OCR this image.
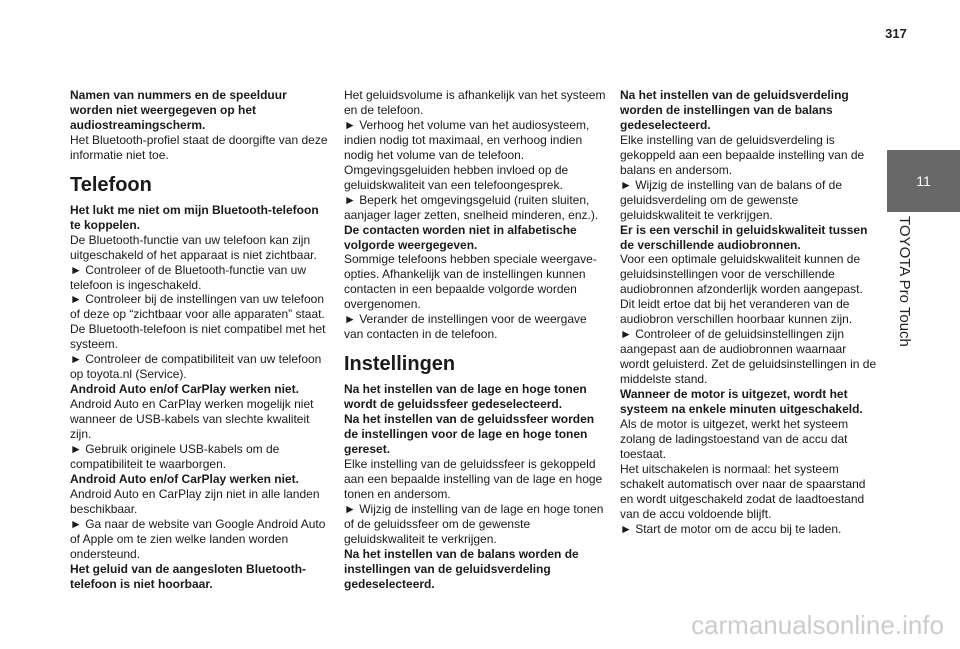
317
11
TOYOTA Pro Touch

Namen van nummers en de speelduur worden niet weergegeven op het audiostreamingscherm.

Het Bluetooth-profiel staat de doorgifte van deze informatie niet toe.

Telefoon

Het lukt me niet om mijn Bluetooth-telefoon te koppelen.

De Bluetooth-functie van uw telefoon kan zijn uitgeschakeld of het apparaat is niet zichtbaar.

► Controleer of de Bluetooth-functie van uw telefoon is ingeschakeld.

► Controleer bij de instellingen van uw telefoon of deze op “zichtbaar voor alle apparaten” staat.

De Bluetooth-telefoon is niet compatibel met het systeem.

► Controleer de compatibiliteit van uw telefoon op toyota.nl (Service).

Android Auto en/of CarPlay werken niet.

Android Auto en CarPlay werken mogelijk niet wanneer de USB-kabels van slechte kwaliteit zijn.

► Gebruik originele USB-kabels om de compatibiliteit te waarborgen.

Android Auto en/of CarPlay werken niet.

Android Auto en CarPlay zijn niet in alle landen beschikbaar.

► Ga naar de website van Google Android Auto of Apple om te zien welke landen worden ondersteund.

Het geluid van de aangesloten Bluetooth-telefoon is niet hoorbaar.

Het geluidsvolume is afhankelijk van het systeem en de telefoon.

► Verhoog het volume van het audiosysteem, indien nodig tot maximaal, en verhoog indien nodig het volume van de telefoon.

Omgevingsgeluiden hebben invloed op de geluidskwaliteit van een telefoongesprek.

► Beperk het omgevingsgeluid (ruiten sluiten, aanjager lager zetten, snelheid minderen, enz.).

De contacten worden niet in alfabetische volgorde weergegeven.

Sommige telefoons hebben speciale weergave-opties. Afhankelijk van de instellingen kunnen contacten in een bepaalde volgorde worden overgenomen.

► Verander de instellingen voor de weergave van contacten in de telefoon.

Instellingen

Na het instellen van de lage en hoge tonen wordt de geluidssfeer gedeselecteerd.

Na het instellen van de geluidssfeer worden de instellingen voor de lage en hoge tonen gereset.

Elke instelling van de geluidssfeer is gekoppeld aan een bepaalde instelling van de lage en hoge tonen en andersom.

► Wijzig de instelling van de lage en hoge tonen of de geluidssfeer om de gewenste geluidskwaliteit te verkrijgen.

Na het instellen van de balans worden de instellingen van de geluidsverdeling gedeselecteerd.

Na het instellen van de geluidsverdeling worden de instellingen van de balans gedeselecteerd.

Elke instelling van de geluidsverdeling is gekoppeld aan een bepaalde instelling van de balans en andersom.

► Wijzig de instelling van de balans of de geluidsverdeling om de gewenste geluidskwaliteit te verkrijgen.

Er is een verschil in geluidskwaliteit tussen de verschillende audiobronnen.

Voor een optimale geluidskwaliteit kunnen de geluidsinstellingen voor de verschillende audiobronnen afzonderlijk worden aangepast. Dit leidt ertoe dat bij het veranderen van de audiobron verschillen hoorbaar kunnen zijn.

► Controleer of de geluidsinstellingen zijn aangepast aan de audiobronnen waarnaar wordt geluisterd. Zet de geluidsinstellingen in de middelste stand.

Wanneer de motor is uitgezet, wordt het systeem na enkele minuten uitgeschakeld.

Als de motor is uitgezet, werkt het systeem zolang de ladingstoestand van de accu dat toestaat.

Het uitschakelen is normaal: het systeem schakelt automatisch over naar de spaarstand en wordt uitgeschakeld zodat de laadtoestand van de accu voldoende blijft.

► Start de motor om de accu bij te laden.

carmanualsonline.info
